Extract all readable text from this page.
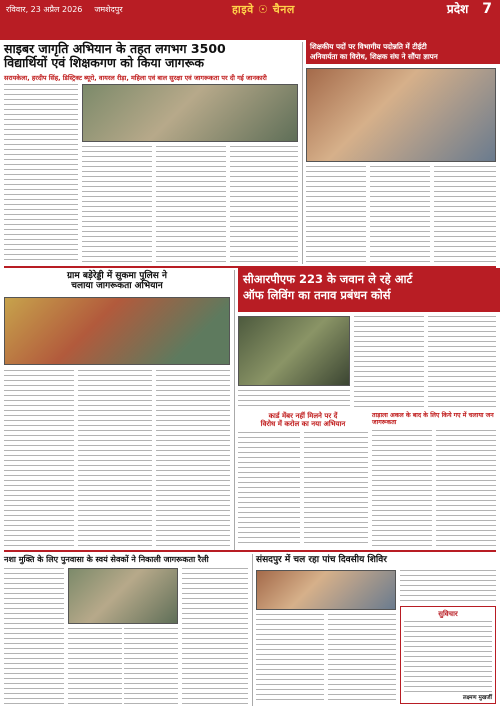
रविवार, 23 अप्रैल 2026 जमशेदपुर	हाइवे ☉ चैनल	प्रदेश 7
साइबर जागृति अभियान के तहत लगभग 3500
विद्यार्थियों एवं शिक्षकगण को किया जागरूक
सरायकेला, हरदीप सिंह, डिस्ट्रिक्ट ब्यूरो, वायरल रीड़ा, महिला एवं बाल सुरक्षा एवं जागरूकता पर दी गई जानकारी
शिक्षकीय पदों पर विभागीय पदोन्नति में टीईटी
अनिवार्यता का विरोध, शिक्षक संघ ने सौंपा ज्ञापन
ग्राम बड़ेरेड्डी में सुकमा पुलिस ने
चलाया जागरूकता अभियान
सीआरपीएफ 223 के जवान ले रहे आर्ट
ऑफ लिविंग का तनाव प्रबंधन कोर्स
कार्ड मेंबर नहीं मिलने पर दें
विरोध में करोल का नया अभियान
ताड़ाला अकल के बाद के लिए किये गए में चलाया जन जागरूकता
नशा मुक्ति के लिए पुनवासा के स्वयं सेवकों ने निकाली जागरूकता रैली	संसदपुर में चल रहा पांच दिवसीय शिविर
सुविचार
लक्ष्मण मुखर्जी
